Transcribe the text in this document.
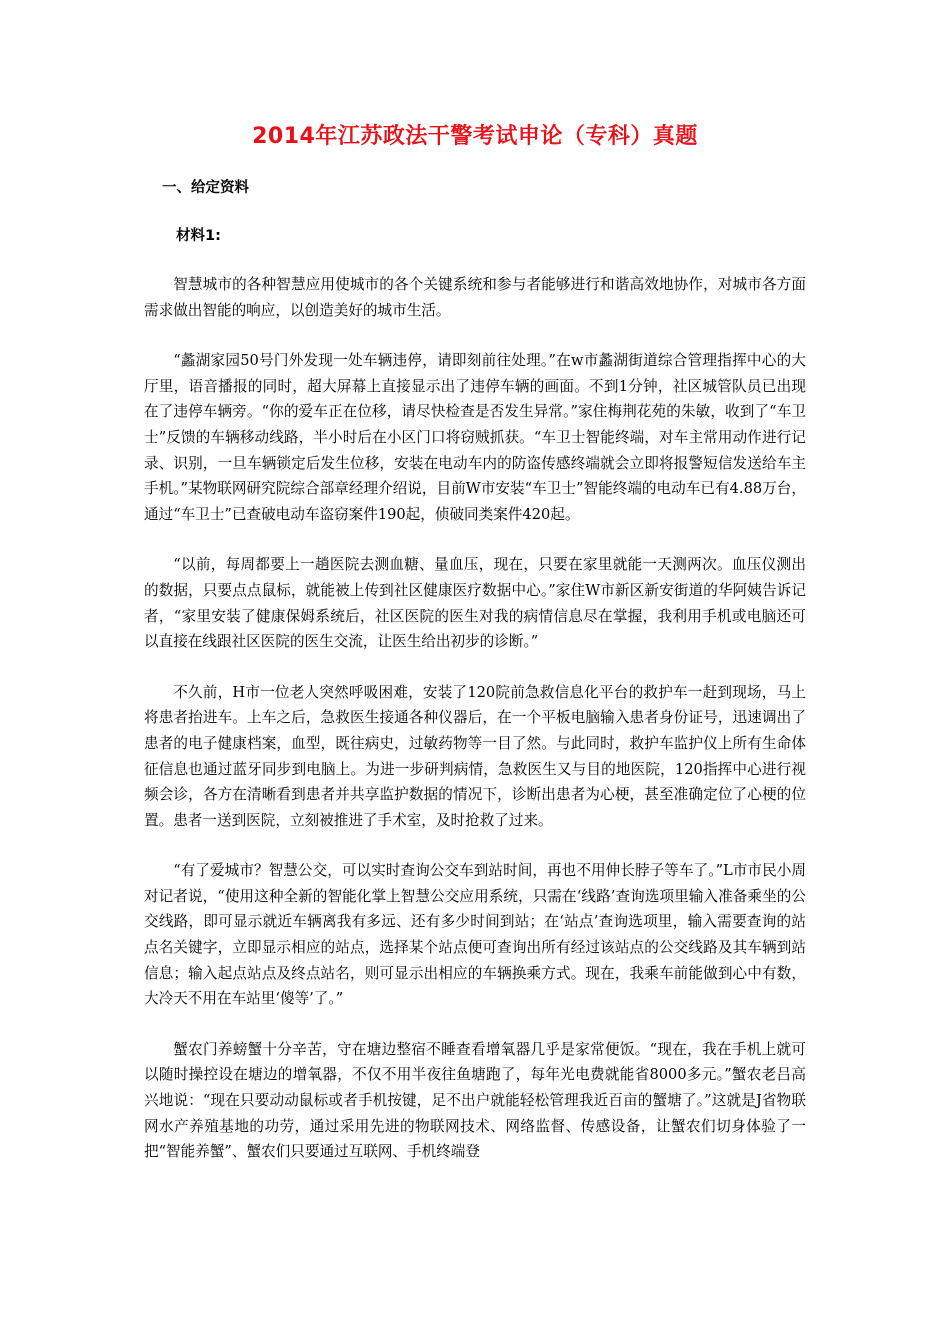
2014年江苏政法干警考试申论（专科）真题
一、给定资料
材料1:

智慧城市的各种智慧应用使城市的各个关键系统和参与者能够进行和谐高效地协作，对城市各方面需求做出智能的响应，以创造美好的城市生活。

“蠡湖家园50号门外发现一处车辆违停，请即刻前往处理。”在w市蠡湖街道综合管理指挥中心的大厅里，语音播报的同时，超大屏幕上直接显示出了违停车辆的画面。不到1分钟，社区城管队员已出现在了违停车辆旁。“你的爱车正在位移，请尽快检查是否发生异常。”家住梅荆花苑的朱敏，收到了“车卫士”反馈的车辆移动线路，半小时后在小区门口将窃贼抓获。“车卫士智能终端，对车主常用动作进行记录、识别，一旦车辆锁定后发生位移，安装在电动车内的防盗传感终端就会立即将报警短信发送给车主手机。”某物联网研究院综合部章经理介绍说，目前W市安装“车卫士”智能终端的电动车已有4.88万台，通过“车卫士”已查破电动车盗窃案件190起，侦破同类案件420起。

“以前，每周都要上一趟医院去测血糖、量血压，现在，只要在家里就能一天测两次。血压仪测出的数据，只要点点鼠标，就能被上传到社区健康医疗数据中心。”家住W市新区新安街道的华阿姨告诉记者，“家里安装了健康保姆系统后，社区医院的医生对我的病情信息尽在掌握，我利用手机或电脑还可以直接在线跟社区医院的医生交流，让医生给出初步的诊断。”

不久前，H市一位老人突然呼吸困难，安装了120院前急救信息化平台的救护车一赶到现场，马上将患者抬进车。上车之后，急救医生接通各种仪器后，在一个平板电脑输入患者身份证号，迅速调出了患者的电子健康档案，血型，既往病史，过敏药物等一目了然。与此同时，救护车监护仪上所有生命体征信息也通过蓝牙同步到电脑上。为进一步研判病情，急救医生又与目的地医院，120指挥中心进行视频会诊，各方在清晰看到患者并共享监护数据的情况下，诊断出患者为心梗，甚至准确定位了心梗的位置。患者一送到医院，立刻被推进了手术室，及时抢救了过来。

“有了爱城市？智慧公交，可以实时查询公交车到站时间，再也不用伸长脖子等车了。”L市市民小周对记者说，“使用这种全新的智能化掌上智慧公交应用系统，只需在‘线路’查询选项里输入准备乘坐的公交线路，即可显示就近车辆离我有多远、还有多少时间到站；在‘站点’查询选项里，输入需要查询的站点名关键字，立即显示相应的站点，选择某个站点便可查询出所有经过该站点的公交线路及其车辆到站信息；输入起点站点及终点站名，则可显示出相应的车辆换乘方式。现在，我乘车前能做到心中有数，大冷天不用在车站里‘傻等’了。”

蟹农门养螃蟹十分辛苦，守在塘边整宿不睡查看增氧器几乎是家常便饭。“现在，我在手机上就可以随时操控设在塘边的增氧器，不仅不用半夜往鱼塘跑了，每年光电费就能省8000多元。”蟹农老吕高兴地说：“现在只要动动鼠标或者手机按键，足不出户就能轻松管理我近百亩的蟹塘了。”这就是J省物联网水产养殖基地的功劳，通过采用先进的物联网技术、网络监督、传感设备，让蟹农们切身体验了一把“智能养蟹”、蟹农们只要通过互联网、手机终端登
